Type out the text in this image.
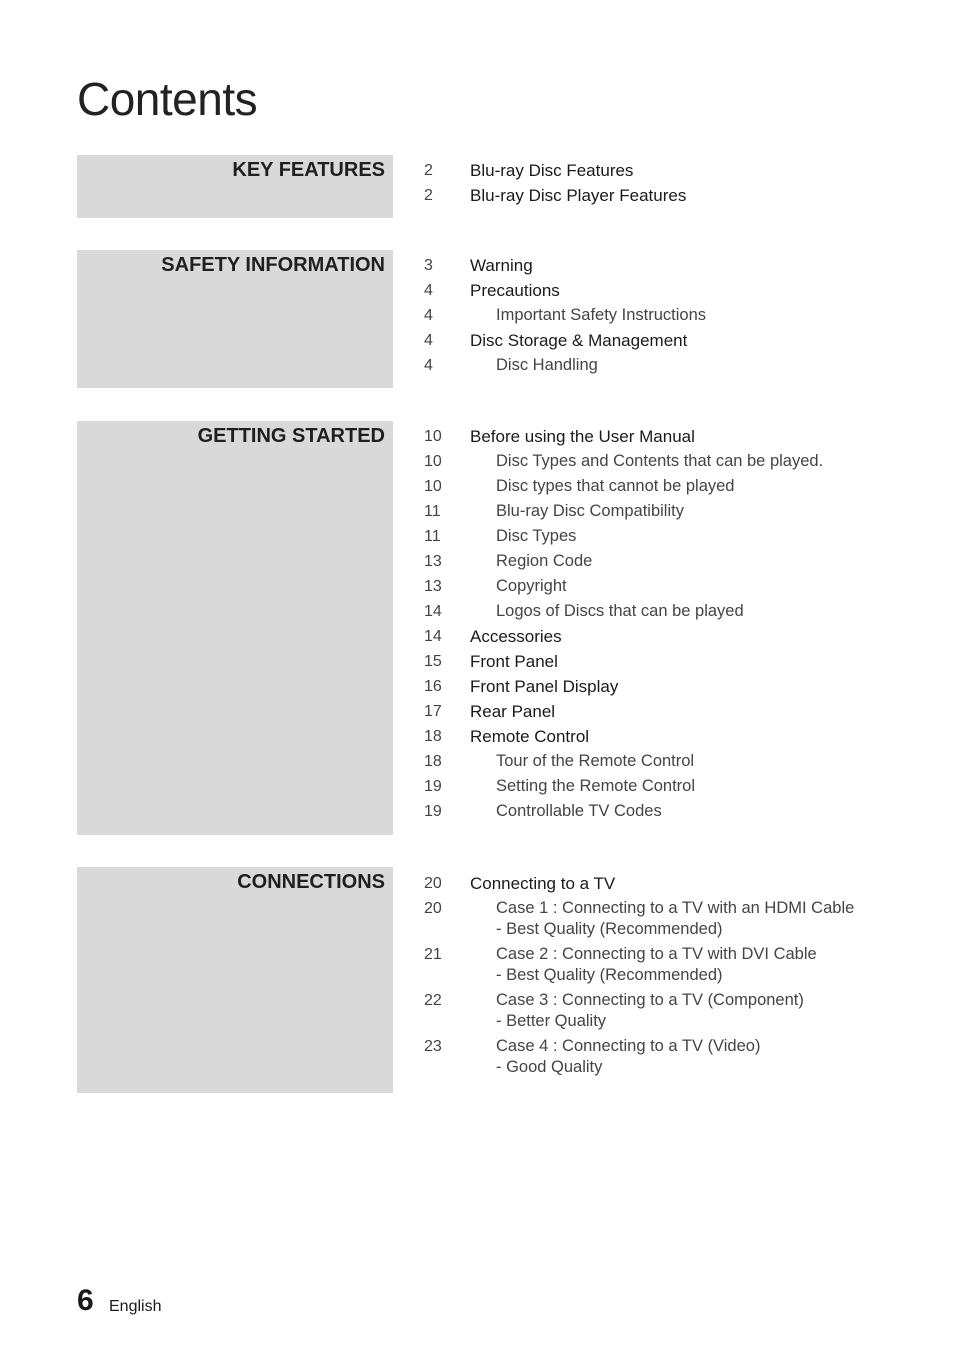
Contents
KEY FEATURES 2 Blu-ray Disc Features
2 Blu-ray Disc Player Features
SAFETY INFORMATION 3 Warning
4 Precautions
4	Important Safety Instructions
4 Disc Storage & Management
4	Disc Handling
GETTING STARTED 10 Before using the User Manual
10	Disc Types and Contents that can be played.
10	Disc types that cannot be played
11	Blu-ray Disc Compatibility
11	Disc Types
13	Region Code
13	Copyright
14	Logos of Discs that can be played
14 Accessories
15 Front Panel
16 Front Panel Display
17 Rear Panel
18 Remote Control
18	Tour of the Remote Control
19	Setting the Remote Control
19	Controllable TV Codes
CONNECTIONS 20 Connecting to a TV
20	Case 1 : Connecting to a TV with an HDMI Cable
- Best Quality (Recommended)
21	Case 2 : Connecting to a TV with DVI Cable
- Best Quality (Recommended)
22	Case 3 : Connecting to a TV (Component)
- Better Quality
23	Case 4 : Connecting to a TV (Video)
- Good Quality
6 English
